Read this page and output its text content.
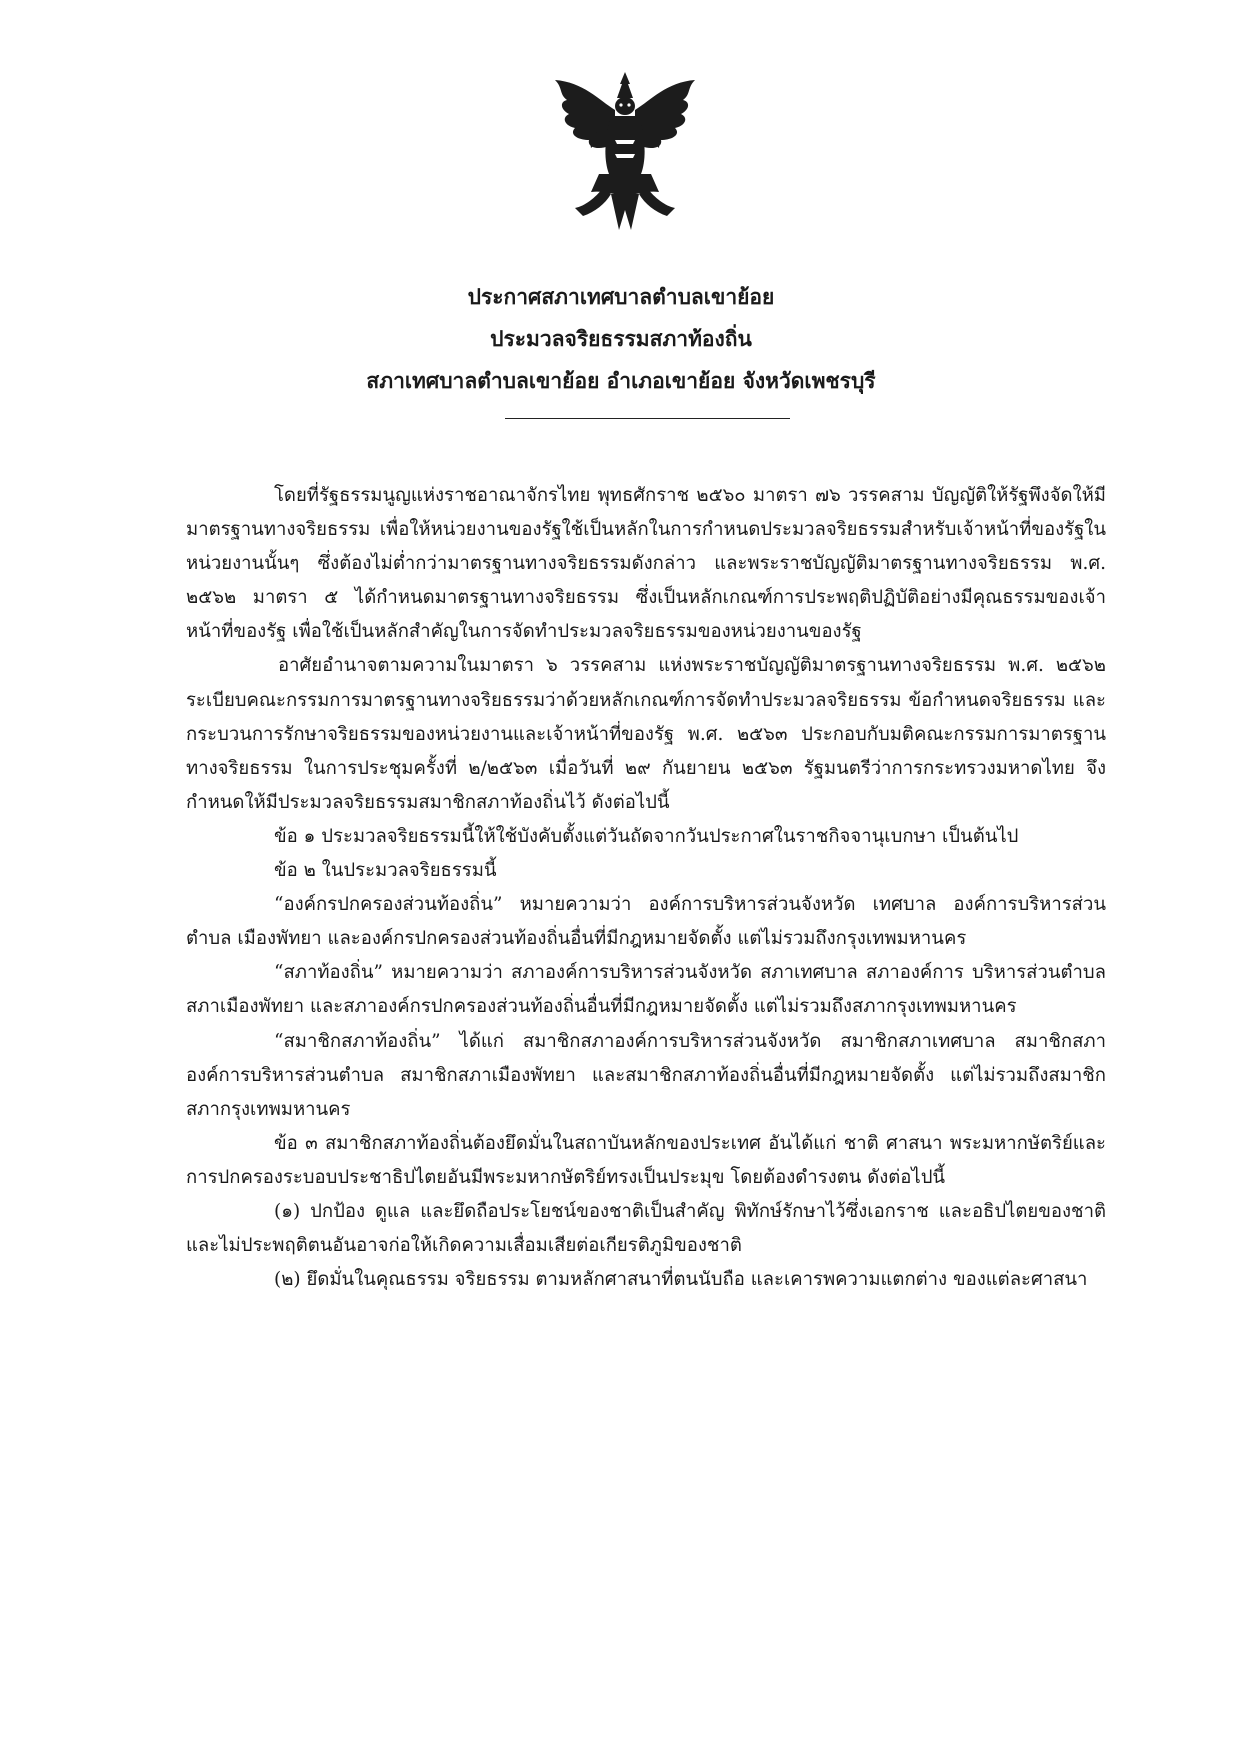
ประกาศสภาเทศบาลตำบลเขาย้อย
ประมวลจริยธรรมสภาท้องถิ่น
สภาเทศบาลตำบลเขาย้อย อำเภอเขาย้อย จังหวัดเพชรบุรี

โดยที่รัฐธรรมนูญแห่งราชอาณาจักรไทย พุทธศักราช ๒๕๖๐ มาตรา ๗๖ วรรคสาม บัญญัติให้รัฐพึงจัดให้มีมาตรฐานทางจริยธรรม เพื่อให้หน่วยงานของรัฐใช้เป็นหลักในการกำหนดประมวลจริยธรรมสำหรับเจ้าหน้าที่ของรัฐในหน่วยงานนั้นๆ ซึ่งต้องไม่ต่ำกว่ามาตรฐานทางจริยธรรมดังกล่าว และพระราชบัญญัติมาตรฐานทางจริยธรรม พ.ศ. ๒๕๖๒ มาตรา ๕ ได้กำหนดมาตรฐานทางจริยธรรม ซึ่งเป็นหลักเกณฑ์การประพฤติปฏิบัติอย่างมีคุณธรรมของเจ้าหน้าที่ของรัฐ เพื่อใช้เป็นหลักสำคัญในการจัดทำประมวลจริยธรรมของหน่วยงานของรัฐ

อาศัยอำนาจตามความในมาตรา ๖ วรรคสาม แห่งพระราชบัญญัติมาตรฐานทางจริยธรรม พ.ศ. ๒๕๖๒ ระเบียบคณะกรรมการมาตรฐานทางจริยธรรมว่าด้วยหลักเกณฑ์การจัดทำประมวลจริยธรรม ข้อกำหนดจริยธรรม และกระบวนการรักษาจริยธรรมของหน่วยงานและเจ้าหน้าที่ของรัฐ พ.ศ. ๒๕๖๓ ประกอบกับมติคณะกรรมการมาตรฐานทางจริยธรรม ในการประชุมครั้งที่ ๒/๒๕๖๓ เมื่อวันที่ ๒๙ กันยายน ๒๕๖๓ รัฐมนตรีว่าการกระทรวงมหาดไทย จึงกำหนดให้มีประมวลจริยธรรมสมาชิกสภาท้องถิ่นไว้ ดังต่อไปนี้

ข้อ ๑ ประมวลจริยธรรมนี้ให้ใช้บังคับตั้งแต่วันถัดจากวันประกาศในราชกิจจานุเบกษา เป็นต้นไป

ข้อ ๒ ในประมวลจริยธรรมนี้

“องค์กรปกครองส่วนท้องถิ่น” หมายความว่า องค์การบริหารส่วนจังหวัด เทศบาล องค์การบริหารส่วนตำบล เมืองพัทยา และองค์กรปกครองส่วนท้องถิ่นอื่นที่มีกฎหมายจัดตั้ง แต่ไม่รวมถึงกรุงเทพมหานคร

“สภาท้องถิ่น” หมายความว่า สภาองค์การบริหารส่วนจังหวัด สภาเทศบาล สภาองค์การ บริหารส่วนตำบล สภาเมืองพัทยา และสภาองค์กรปกครองส่วนท้องถิ่นอื่นที่มีกฎหมายจัดตั้ง แต่ไม่รวมถึงสภากรุงเทพมหานคร

“สมาชิกสภาท้องถิ่น” ได้แก่ สมาชิกสภาองค์การบริหารส่วนจังหวัด สมาชิกสภาเทศบาล สมาชิกสภาองค์การบริหารส่วนตำบล สมาชิกสภาเมืองพัทยา และสมาชิกสภาท้องถิ่นอื่นที่มีกฎหมายจัดตั้ง แต่ไม่รวมถึงสมาชิกสภากรุงเทพมหานคร

ข้อ ๓ สมาชิกสภาท้องถิ่นต้องยึดมั่นในสถาบันหลักของประเทศ อันได้แก่ ชาติ ศาสนา พระมหากษัตริย์และการปกครองระบอบประชาธิปไตยอันมีพระมหากษัตริย์ทรงเป็นประมุข โดยต้องดำรงตน ดังต่อไปนี้

(๑) ปกป้อง ดูแล และยึดถือประโยชน์ของชาติเป็นสำคัญ พิทักษ์รักษาไว้ซึ่งเอกราช และอธิปไตยของชาติ และไม่ประพฤติตนอันอาจก่อให้เกิดความเสื่อมเสียต่อเกียรติภูมิของชาติ

(๒) ยึดมั่นในคุณธรรม จริยธรรม ตามหลักศาสนาที่ตนนับถือ และเคารพความแตกต่าง ของแต่ละศาสนา
